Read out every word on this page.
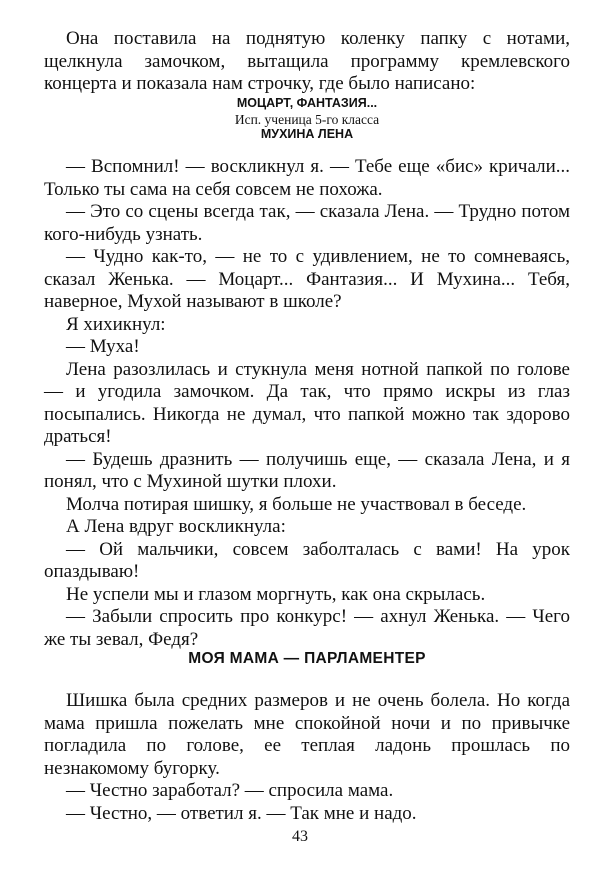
Она поставила на поднятую коленку папку с нотами, щелкнула замочком, вытащила программу кремлевского концерта и показала нам строчку, где было написано:

МОЦАРТ, ФАНТАЗИЯ...
Исп. ученица 5-го класса
МУХИНА ЛЕНА

— Вспомнил! — воскликнул я. — Тебе еще «бис» кричали... Только ты сама на себя совсем не похожа.

— Это со сцены всегда так, — сказала Лена. — Трудно потом кого-нибудь узнать.

— Чудно как-то, — не то с удивлением, не то сомневаясь, сказал Женька. — Моцарт... Фантазия... И Мухина... Тебя, наверное, Мухой называют в школе?

Я хихикнул:

— Муха!

Лена разозлилась и стукнула меня нотной папкой по голове — и угодила замочком. Да так, что прямо искры из глаз посыпались. Никогда не думал, что папкой можно так здорово драться!

— Будешь дразнить — получишь еще, — сказала Лена, и я понял, что с Мухиной шутки плохи.

Молча потирая шишку, я больше не участвовал в беседе.

А Лена вдруг воскликнула:

— Ой мальчики, совсем заболталась с вами! На урок опаздываю!

Не успели мы и глазом моргнуть, как она скрылась.

— Забыли спросить про конкурс! — ахнул Женька. — Чего же ты зевал, Федя?

МОЯ МАМА — ПАРЛАМЕНТЕР

Шишка была средних размеров и не очень болела. Но когда мама пришла пожелать мне спокойной ночи и по привычке погладила по голове, ее теплая ладонь прошлась по незнакомому бугорку.

— Честно заработал? — спросила мама.

— Честно, — ответил я. — Так мне и надо.

43
